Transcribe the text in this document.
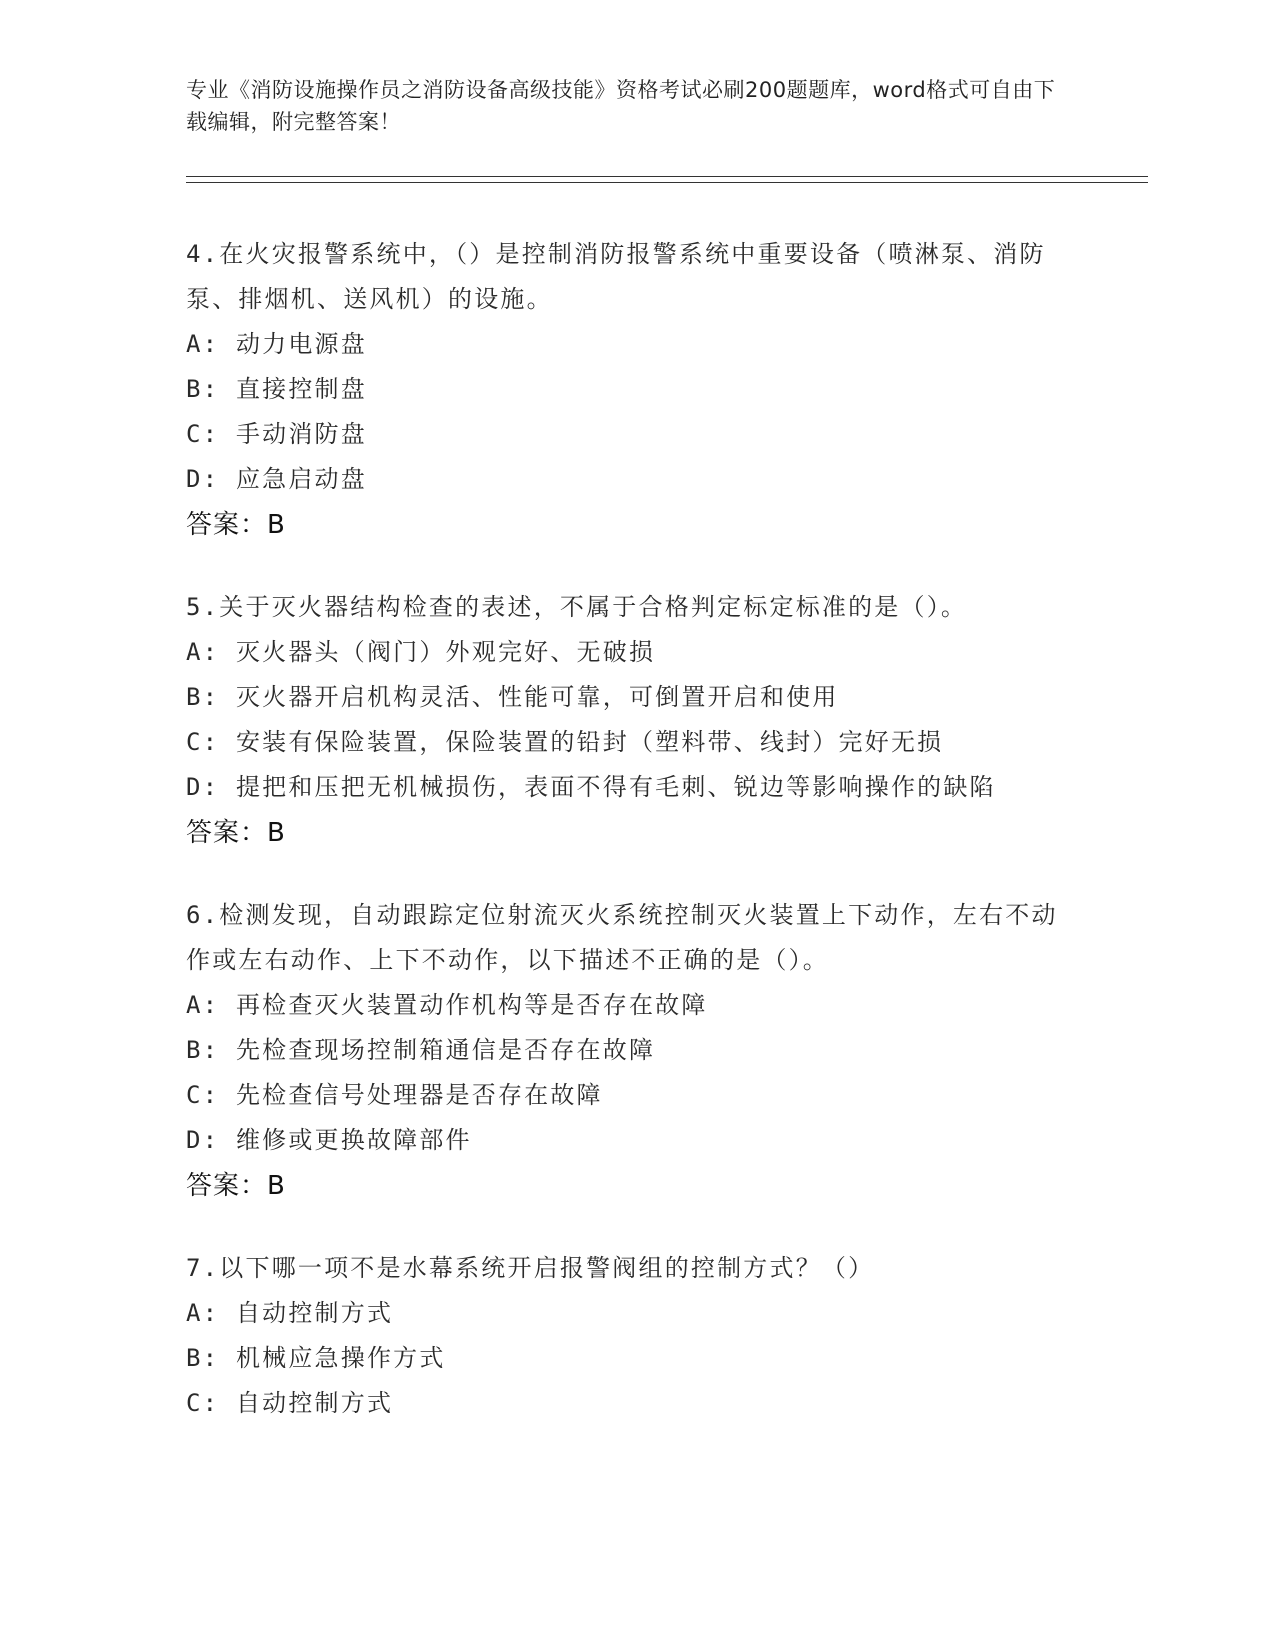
专业《消防设施操作员之消防设备高级技能》资格考试必刷200题题库，word格式可自由下载编辑，附完整答案！
4.在火灾报警系统中，（）是控制消防报警系统中重要设备（喷淋泵、消防泵、排烟机、送风机）的设施。
A: 动力电源盘
B: 直接控制盘
C: 手动消防盘
D: 应急启动盘
答案：B
5.关于灭火器结构检查的表述，不属于合格判定标定标准的是（）。
A: 灭火器头（阀门）外观完好、无破损
B: 灭火器开启机构灵活、性能可靠，可倒置开启和使用
C: 安装有保险装置，保险装置的铅封（塑料带、线封）完好无损
D: 提把和压把无机械损伤，表面不得有毛刺、锐边等影响操作的缺陷
答案：B
6.检测发现，自动跟踪定位射流灭火系统控制灭火装置上下动作，左右不动作或左右动作、上下不动作，以下描述不正确的是（）。
A: 再检查灭火装置动作机构等是否存在故障
B: 先检查现场控制箱通信是否存在故障
C: 先检查信号处理器是否存在故障
D: 维修或更换故障部件
答案：B
7.以下哪一项不是水幕系统开启报警阀组的控制方式？（）
A: 自动控制方式
B: 机械应急操作方式
C: 自动控制方式
